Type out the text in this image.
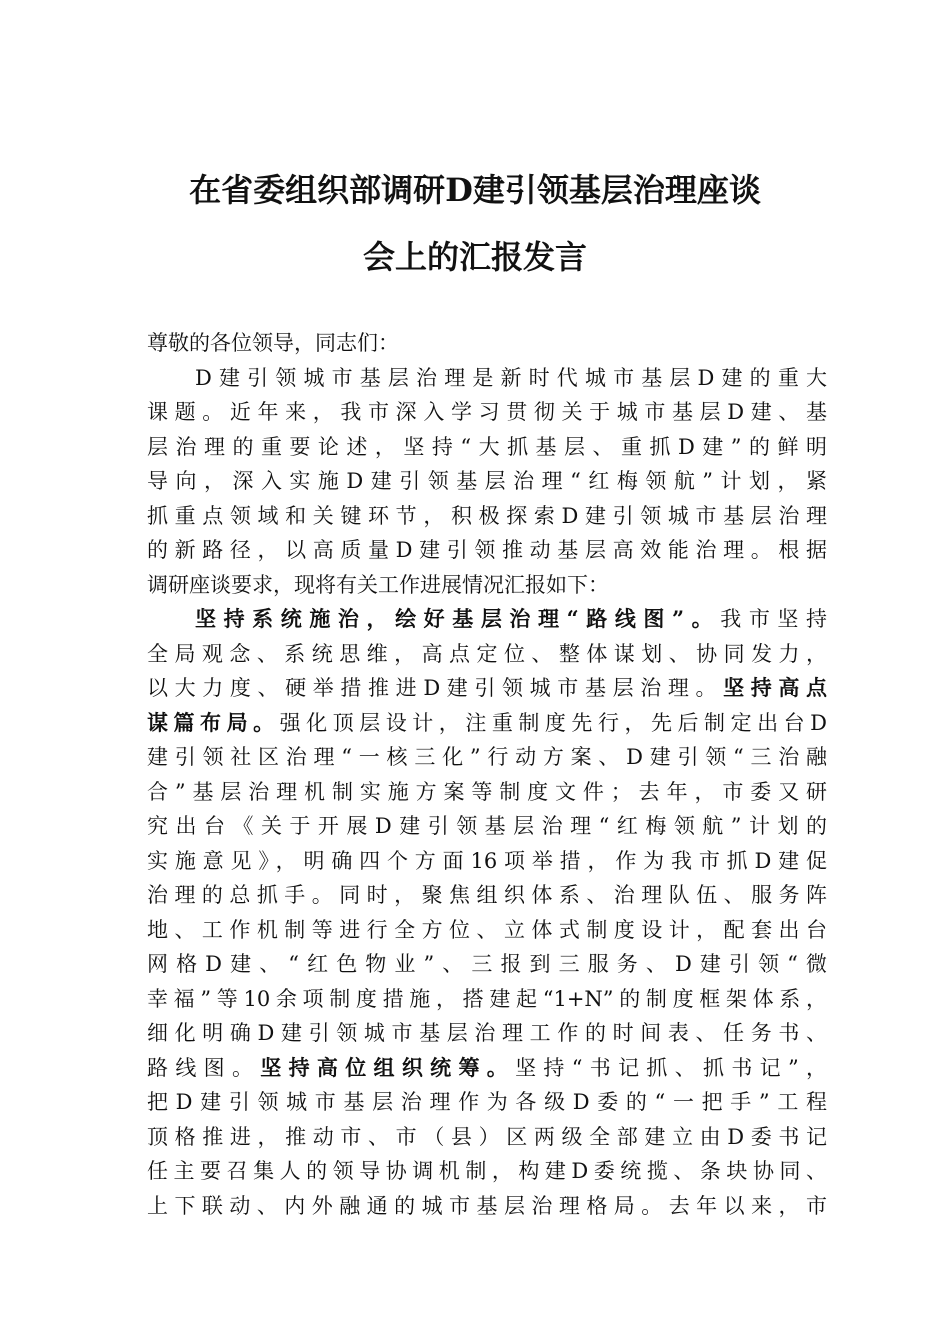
在省委组织部调研D建引领基层治理座谈
会上的汇报发言
尊敬的各位领导，同志们：
D建引领城市基层治理是新时代城市基层D建的重大
课题。近年来，我市深入学习贯彻关于城市基层D建、基
层治理的重要论述，坚持“大抓基层、重抓D建”的鲜明
导向，深入实施D建引领基层治理“红梅领航”计划，紧
抓重点领域和关键环节，积极探索D建引领城市基层治理
的新路径，以高质量D建引领推动基层高效能治理。根据
调研座谈要求，现将有关工作进展情况汇报如下：
坚持系统施治，绘好基层治理“路线图”。我市坚持
全局观念、系统思维，高点定位、整体谋划、协同发力，
以大力度、硬举措推进D建引领城市基层治理。坚持高点
谋篇布局。强化顶层设计，注重制度先行，先后制定出台D
建引领社区治理“一核三化”行动方案、D建引领“三治融
合”基层治理机制实施方案等制度文件；去年，市委又研
究出台《关于开展D建引领基层治理“红梅领航”计划的
实施意见》，明确四个方面16项举措，作为我市抓D建促
治理的总抓手。同时，聚焦组织体系、治理队伍、服务阵
地、工作机制等进行全方位、立体式制度设计，配套出台
网格D建、“红色物业”、三报到三服务、D建引领“微
幸福”等10余项制度措施，搭建起“1+N”的制度框架体系，
细化明确D建引领城市基层治理工作的时间表、任务书、
路线图。坚持高位组织统筹。坚持“书记抓、抓书记”，
把D建引领城市基层治理作为各级D委的“一把手”工程
顶格推进，推动市、市（县）区两级全部建立由D委书记
任主要召集人的领导协调机制，构建D委统揽、条块协同、
上下联动、内外融通的城市基层治理格局。去年以来，市
